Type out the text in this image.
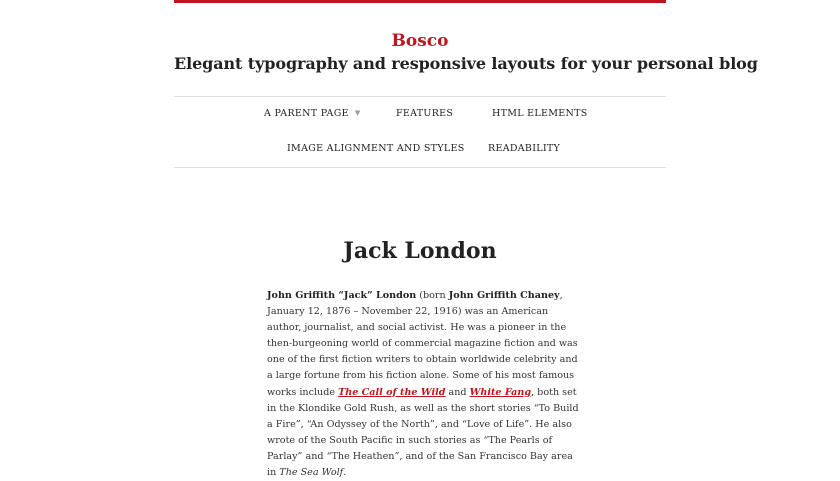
Bosco
Elegant typography and responsive layouts for your personal blog
A PARENT PAGE ▼	FEATURES	HTML ELEMENTS
IMAGE ALIGNMENT AND STYLES READABILITY
Jack London

John Griffith “Jack” London (born John Griffith Chaney, January 12, 1876 – November 22, 1916) was an American author, journalist, and social activist. He was a pioneer in the then-burgeoning world of commercial magazine fiction and was one of the first fiction writers to obtain worldwide celebrity and a large fortune from his fiction alone. Some of his most famous works include The Call of the Wild and White Fang, both set in the Klondike Gold Rush, as well as the short stories “To Build a Fire”, “An Odyssey of the North”, and “Love of Life”. He also wrote of the South Pacific in such stories as “The Pearls of Parlay” and “The Heathen”, and of the San Francisco Bay area in The Sea Wolf.
